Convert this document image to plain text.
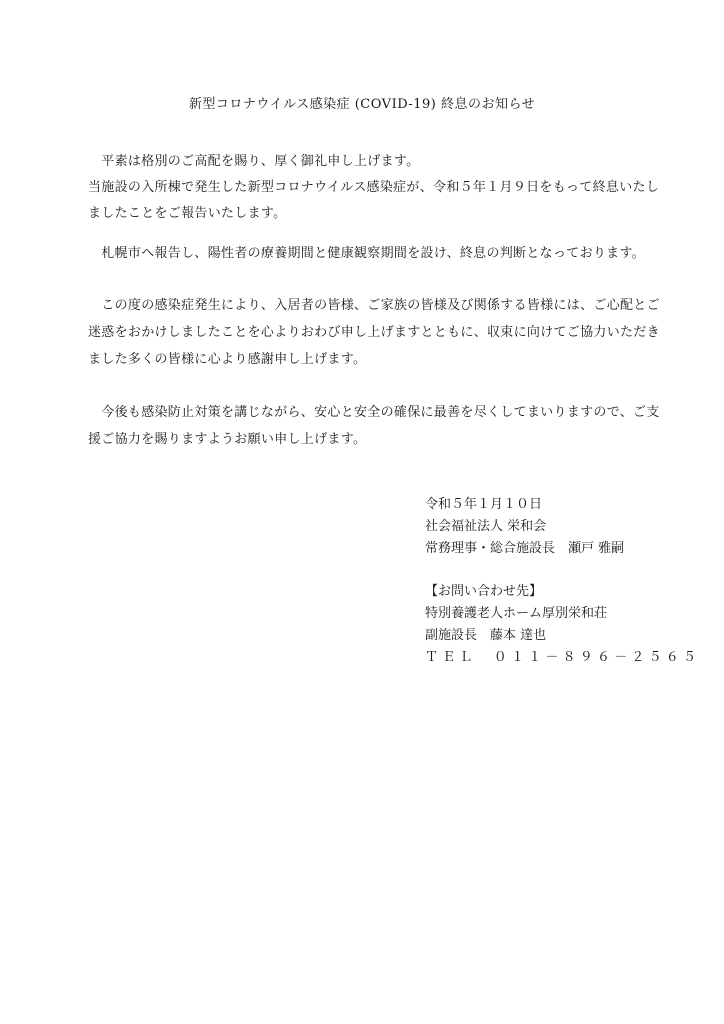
新型コロナウイルス感染症 (COVID-19) 終息のお知らせ
　平素は格別のご高配を賜り、厚く御礼申し上げます。
当施設の入所棟で発生した新型コロナウイルス感染症が、令和５年１月９日をもって終息いたし
ましたことをご報告いたします。
　札幌市へ報告し、陽性者の療養期間と健康観察期間を設け、終息の判断となっております。
　この度の感染症発生により、入居者の皆様、ご家族の皆様及び関係する皆様には、ご心配とご
迷惑をおかけしましたことを心よりおわび申し上げますとともに、収束に向けてご協力いただき
ました多くの皆様に心より感謝申し上げます。
　今後も感染防止対策を講じながら、安心と安全の確保に最善を尽くしてまいりますので、ご支
援ご協力を賜りますようお願い申し上げます。
令和５年１月１０日
社会福祉法人 栄和会
常務理事・総合施設長　瀬戸 雅嗣
【お問い合わせ先】
特別養護老人ホーム厚別栄和荘
副施設長　藤本 達也
ＴＥＬ　０１１－８９６－２５６５
